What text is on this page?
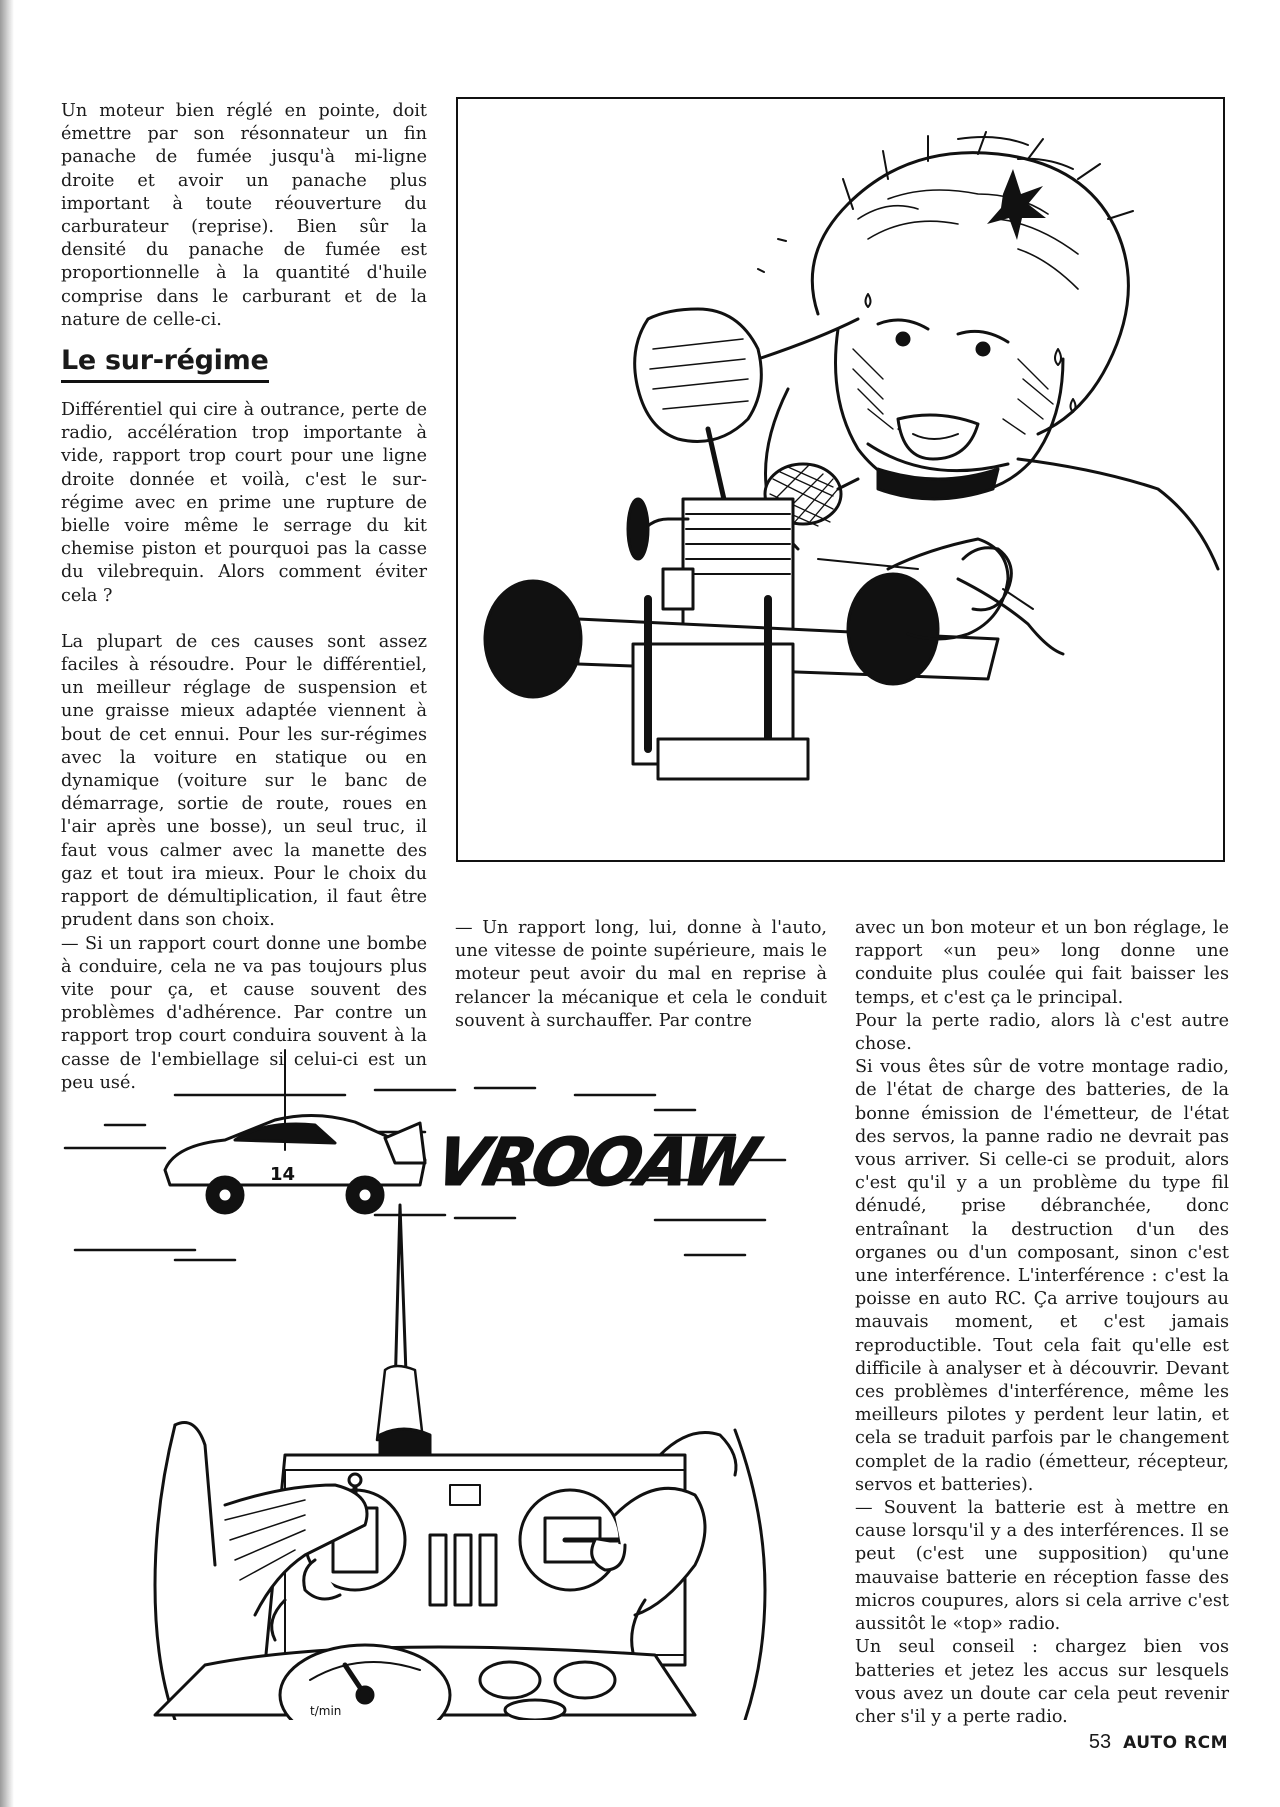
Un moteur bien réglé en pointe, doit émettre par son résonnateur un fin panache de fumée jusqu'à mi-ligne droite et avoir un panache plus important à toute réouverture du carburateur (reprise). Bien sûr la densité du panache de fumée est proportionnelle à la quantité d'huile comprise dans le carburant et de la nature de celle-ci.

Le sur-régime

Différentiel qui cire à outrance, perte de radio, accélération trop importante à vide, rapport trop court pour une ligne droite donnée et voilà, c'est le sur-régime avec en prime une rupture de bielle voire même le serrage du kit chemise piston et pourquoi pas la casse du vilebrequin. Alors comment éviter cela ?

La plupart de ces causes sont assez faciles à résoudre. Pour le différentiel, un meilleur réglage de suspension et une graisse mieux adaptée viennent à bout de cet ennui. Pour les sur-régimes avec la voiture en statique ou en dynamique (voiture sur le banc de démarrage, sortie de route, roues en l'air après une bosse), un seul truc, il faut vous calmer avec la manette des gaz et tout ira mieux. Pour le choix du rapport de démultiplication, il faut être prudent dans son choix.

— Si un rapport court donne une bombe à conduire, cela ne va pas toujours plus vite pour ça, et cause souvent des problèmes d'adhérence. Par contre un rapport trop court conduira souvent à la casse de l'embiellage si celui-ci est un peu usé.

— Un rapport long, lui, donne à l'auto, une vitesse de pointe supérieure, mais le moteur peut avoir du mal en reprise à relancer la mécanique et cela le conduit souvent à surchauffer. Par contre

avec un bon moteur et un bon réglage, le rapport «un peu» long donne une conduite plus coulée qui fait baisser les temps, et c'est ça le principal.

Pour la perte radio, alors là c'est autre chose.

Si vous êtes sûr de votre montage radio, de l'état de charge des batteries, de la bonne émission de l'émetteur, de l'état des servos, la panne radio ne devrait pas vous arriver. Si celle-ci se produit, alors c'est qu'il y a un problème du type fil dénudé, prise débranchée, donc entraînant la destruction d'un des organes ou d'un composant, sinon c'est une interférence. L'interférence : c'est la poisse en auto RC. Ça arrive toujours au mauvais moment, et c'est jamais reproductible. Tout cela fait qu'elle est difficile à analyser et à découvrir. Devant ces problèmes d'interférence, même les meilleurs pilotes y perdent leur latin, et cela se traduit parfois par le changement complet de la radio (émetteur, récepteur, servos et batteries).

— Souvent la batterie est à mettre en cause lorsqu'il y a des interférences. Il se peut (c'est une supposition) qu'une mauvaise batterie en réception fasse des micros coupures, alors si cela arrive c'est aussitôt le «top» radio.

Un seul conseil : chargez bien vos batteries et jetez les accus sur lesquels vous avez un doute car cela peut revenir cher s'il y a perte radio.

14 VROOAW
t/min
53 AUTO RCM
